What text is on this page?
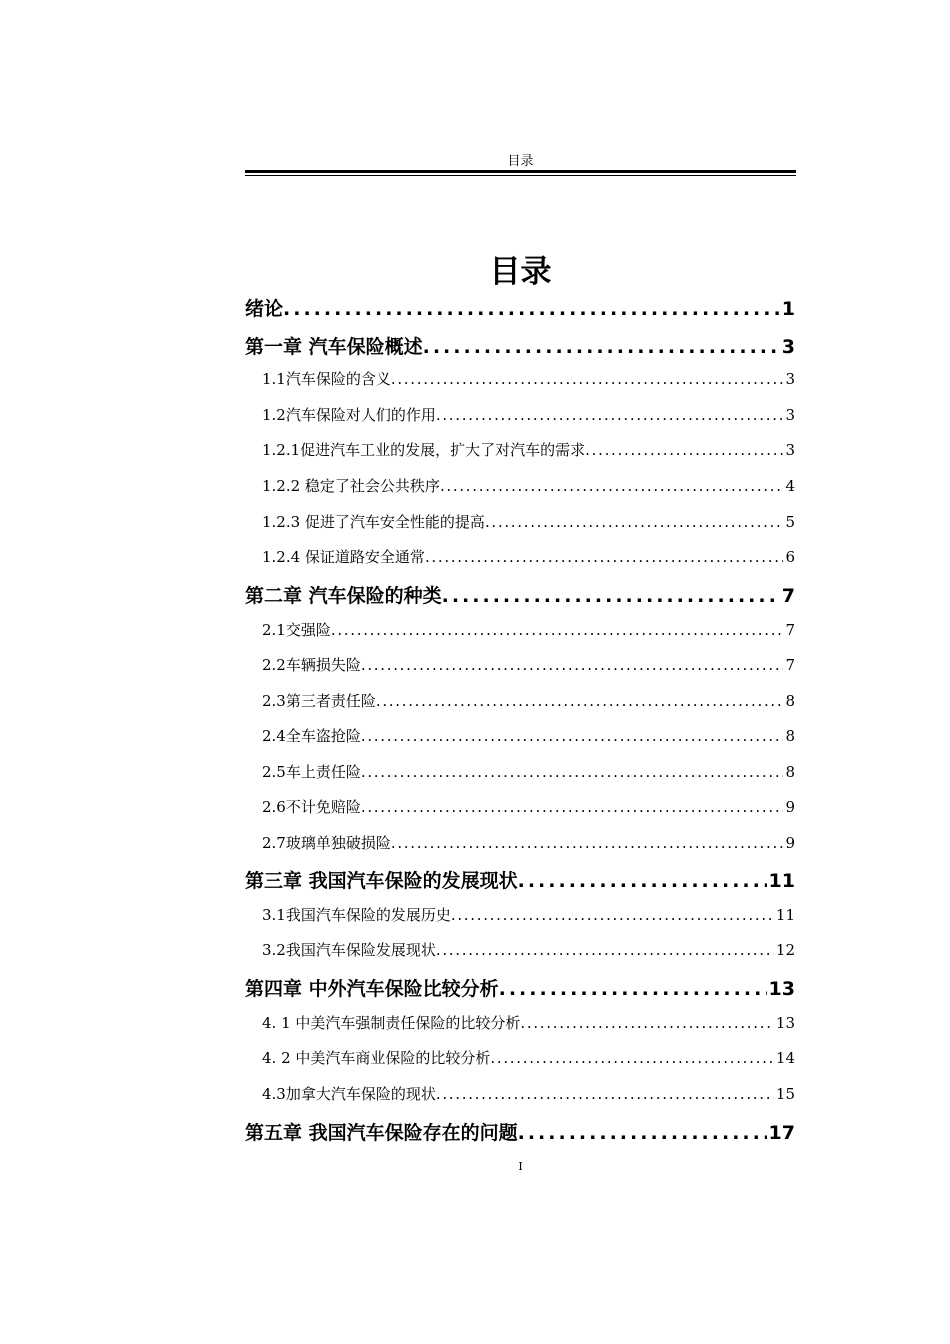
目录
目录
绪论 .....	1
第一章 汽车保险概述 .....	3
1.1汽车保险的含义 .....	3
1.2汽车保险对人们的作用 .....	3
1.2.1促进汽车工业的发展，扩大了对汽车的需求 .....	3
1.2.2 稳定了社会公共秩序 .....	4
1.2.3 促进了汽车安全性能的提高 .....	5
1.2.4 保证道路安全通常 .....	6
第二章 汽车保险的种类 .....	7
2.1交强险 .....	7
2.2车辆损失险 .....	7
2.3第三者责任险 .....	8
2.4全车盗抢险 .....	8
2.5车上责任险 .....	8
2.6不计免赔险 .....	9
2.7玻璃单独破损险 .....	9
第三章 我国汽车保险的发展现状 .....	11
3.1我国汽车保险的发展历史 .....	11
3.2我国汽车保险发展现状 .....	12
第四章 中外汽车保险比较分析 .....	13
4. 1 中美汽车强制责任保险的比较分析 .....	13
4. 2 中美汽车商业保险的比较分析 .....	14
4.3加拿大汽车保险的现状 .....	15
第五章 我国汽车保险存在的问题 .....	17
I
